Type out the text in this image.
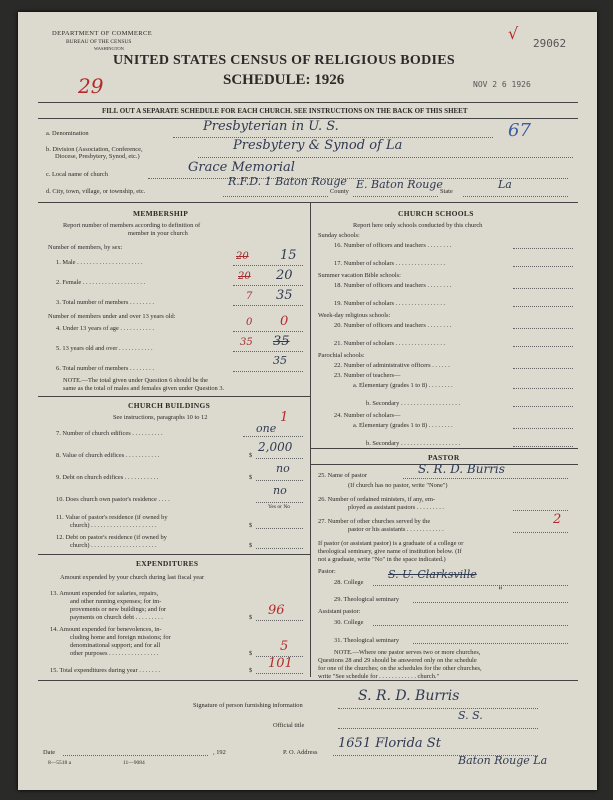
DEPARTMENT OF COMMERCE
BUREAU OF THE CENSUS
WASHINGTON
UNITED STATES CENSUS OF RELIGIOUS BODIES
SCHEDULE: 1926
29062
NOV 2 6 1926
29
√
FILL OUT A SEPARATE SCHEDULE FOR EACH CHURCH. SEE INSTRUCTIONS ON THE BACK OF THIS SHEET
a. Denomination	Presbyterian in U. S.	67
b. Division (Association, Conference,
Diocese, Presbytery, Synod, etc.)
Presbytery & Synod of La
c. Local name of church	Grace Memorial
d. City, town, village, or township, etc.
R.F.D. 1 Baton Rouge
County
E. Baton Rouge
State
La
MEMBERSHIP
Report number of members according to definition of
member in your church
Number of members, by sex:
1. Male . . . . . . . . . . . . . . . . . . . . .
20 15
2. Female . . . . . . . . . . . . . . . . . . . .
20 20
3. Total number of members . . . . . . . .
7 35
Number of members under and over 13 years old:
4. Under 13 years of age . . . . . . . . . . .
0 0
5. 13 years old and over . . . . . . . . . . .
35 35
6. Total number of members . . . . . . . .
35
NOTE.—The total given under Question 6 should be the
same as the total of males and females given under Question 3.
CHURCH BUILDINGS
See instructions, paragraphs 10 to 12
7. Number of church edifices . . . . . . . . . .
1
one
8. Value of church edifices . . . . . . . . . . .	$
2,000
9. Debt on church edifices . . . . . . . . . . .	$
no
10. Does church own pastor's residence . . . .
no
Yes or No
11. Value of pastor's residence (if owned by
church) . . . . . . . . . . . . . . . . . . . . .	$
12. Debt on pastor's residence (if owned by
church) . . . . . . . . . . . . . . . . . . . . .	$
EXPENDITURES
Amount expended by your church during last fiscal year
13. Amount expended for salaries, repairs,
and other running expenses; for im-
provements or new buildings; and for
payments on church debt . . . . . . . . .	$ 96
14. Amount expended for benevolences, in-
cluding home and foreign missions; for
denominational support; and for all
other purposes . . . . . . . . . . . . . . . .	$ 5
15. Total expenditures during year . . . . . . .	$ 101
CHURCH SCHOOLS
Report here only schools conducted by this church
Sunday schools:
16. Number of officers and teachers . . . . . . . .
17. Number of scholars . . . . . . . . . . . . . . . .
Summer vacation Bible schools:
18. Number of officers and teachers . . . . . . . .
19. Number of scholars . . . . . . . . . . . . . . . .
Week-day religious schools:
20. Number of officers and teachers . . . . . . . .
21. Number of scholars . . . . . . . . . . . . . . . .
Parochial schools:
22. Number of administrative officers . . . . . .
23. Number of teachers—
a. Elementary (grades 1 to 8) . . . . . . . .
b. Secondary . . . . . . . . . . . . . . . . . . .
24. Number of scholars—
a. Elementary (grades 1 to 8) . . . . . . . .
b. Secondary . . . . . . . . . . . . . . . . . . .
PASTOR
25. Name of pastor	S. R. D. Burris
(If church has no pastor, write "None")
26. Number of ordained ministers, if any, em-
ployed as assistant pastors . . . . . . . . .
27. Number of other churches served by the
pastor or his assistants . . . . . . . . . . . .
2
If pastor (or assistant pastor) is a graduate of a college or
theological seminary, give name of institution below. (If
not a graduate, write "No" in the space indicated.)
Pastor:
28. College
S. U. Clarksville
29. Theological seminary
"
Assistant pastor:
30. College
31. Theological seminary
NOTE.—Where one pastor serves two or more churches,
Questions 28 and 29 should be answered only on the schedule
for one of the churches; on the schedules for the other churches,
write "See schedule for . . . . . . . . . . . . church."
Signature of person furnishing information
S. R. D. Burris
Official title
S. S.
Date	, 192	P. O. Address
1651 Florida St
Baton Rouge La
8—5518 a	11—9084
